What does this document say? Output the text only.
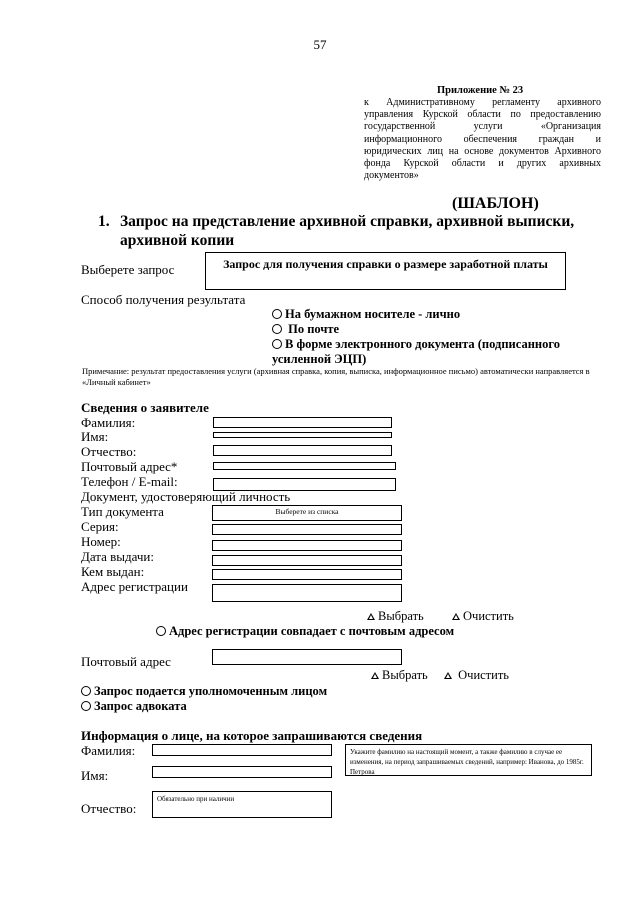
57
Приложение № 23
к Административному регламенту архивного управления Курской области по предоставлению государственной услуги «Организация информационного обеспечения граждан и юридических лиц на основе документов Архивного фонда Курской области и других архивных документов»
(ШАБЛОН)
1. Запрос на представление архивной справки, архивной выписки, архивной копии
Выберете запрос	Запрос для получения справки о размере заработной платы
Способ получения результата
На бумажном носителе - лично
По почте
В форме электронного документа (подписанного усиленной ЭЦП)
Примечание: результат предоставления услуги (архивная справка, копия, выписка, информационное письмо) автоматически направляется в «Личный кабинет»
Сведения о заявителе
Фамилия:
Имя:
Отчество:
Почтовый адрес*
Телефон / E-mail:
Документ, удостоверяющий личность
Тип документа	Выберете из списка
Серия:
Номер:
Дата выдачи:
Кем выдан:
Адрес регистрации
Выбрать	Очистить
Адрес регистрации совпадает с почтовым адресом
Почтовый адрес
Выбрать	Очистить
Запрос подается уполномоченным лицом
Запрос адвоката
Информация о лице, на которое запрашиваются сведения
Фамилия:	Укажите фамилию на настоящий момент, а также фамилию в случае ее изменения, на период запрашиваемых сведений, например: Иванова, до 1985г. Петрова
Имя:
Отчество:
Обязательно при наличии
